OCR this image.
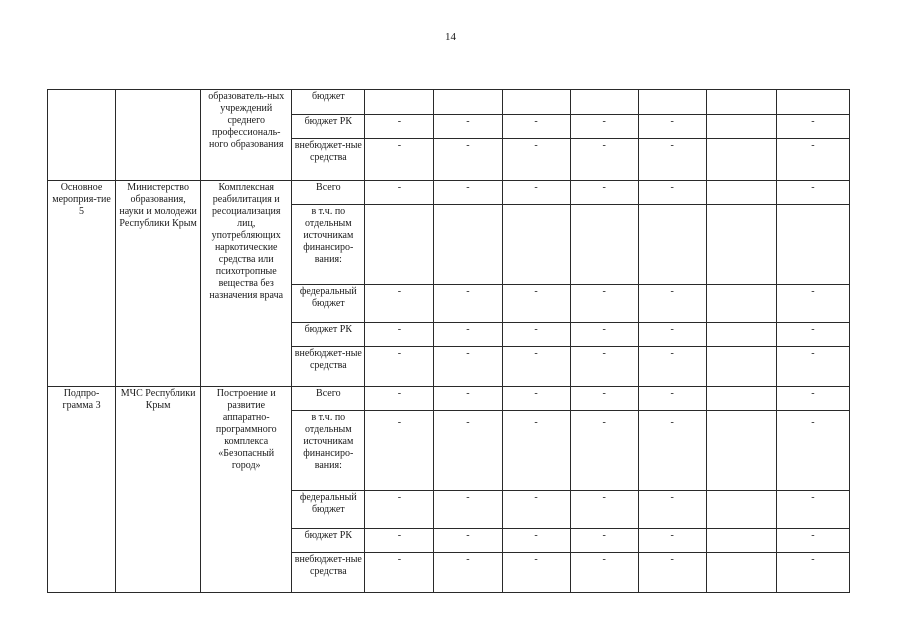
14
		образователь-ных учреждений среднего профессиональ-ного образования	бюджет							
			бюджет РК	-	-	-	-	-		-
			внебюджет-ные средства	-	-	-	-	-		-
Основное мероприя-тие 5	Министерство образования, науки и молодежи Республики Крым	Комплексная реабилитация и ресоциализация лиц, употребляющих наркотические средства или психотропные вещества без назначения врача	Всего	-	-	-	-	-		-
			в т.ч. по отдельным источникам финансиро-вания:							
			федеральный бюджет	-	-	-	-	-		-
			бюджет РК	-	-	-	-	-		-
			внебюджет-ные средства	-	-	-	-	-		-
Подпро-грамма 3	МЧС Республики Крым	Построение и развитие аппаратно-программного комплекса «Безопасный город»	Всего	-	-	-	-	-		-
			в т.ч. по отдельным источникам финансиро-вания:	-	-	-	-	-		-
			федеральный бюджет	-	-	-	-	-		-
			бюджет РК	-	-	-	-	-		-
			внебюджет-ные средства	-	-	-	-	-		-
